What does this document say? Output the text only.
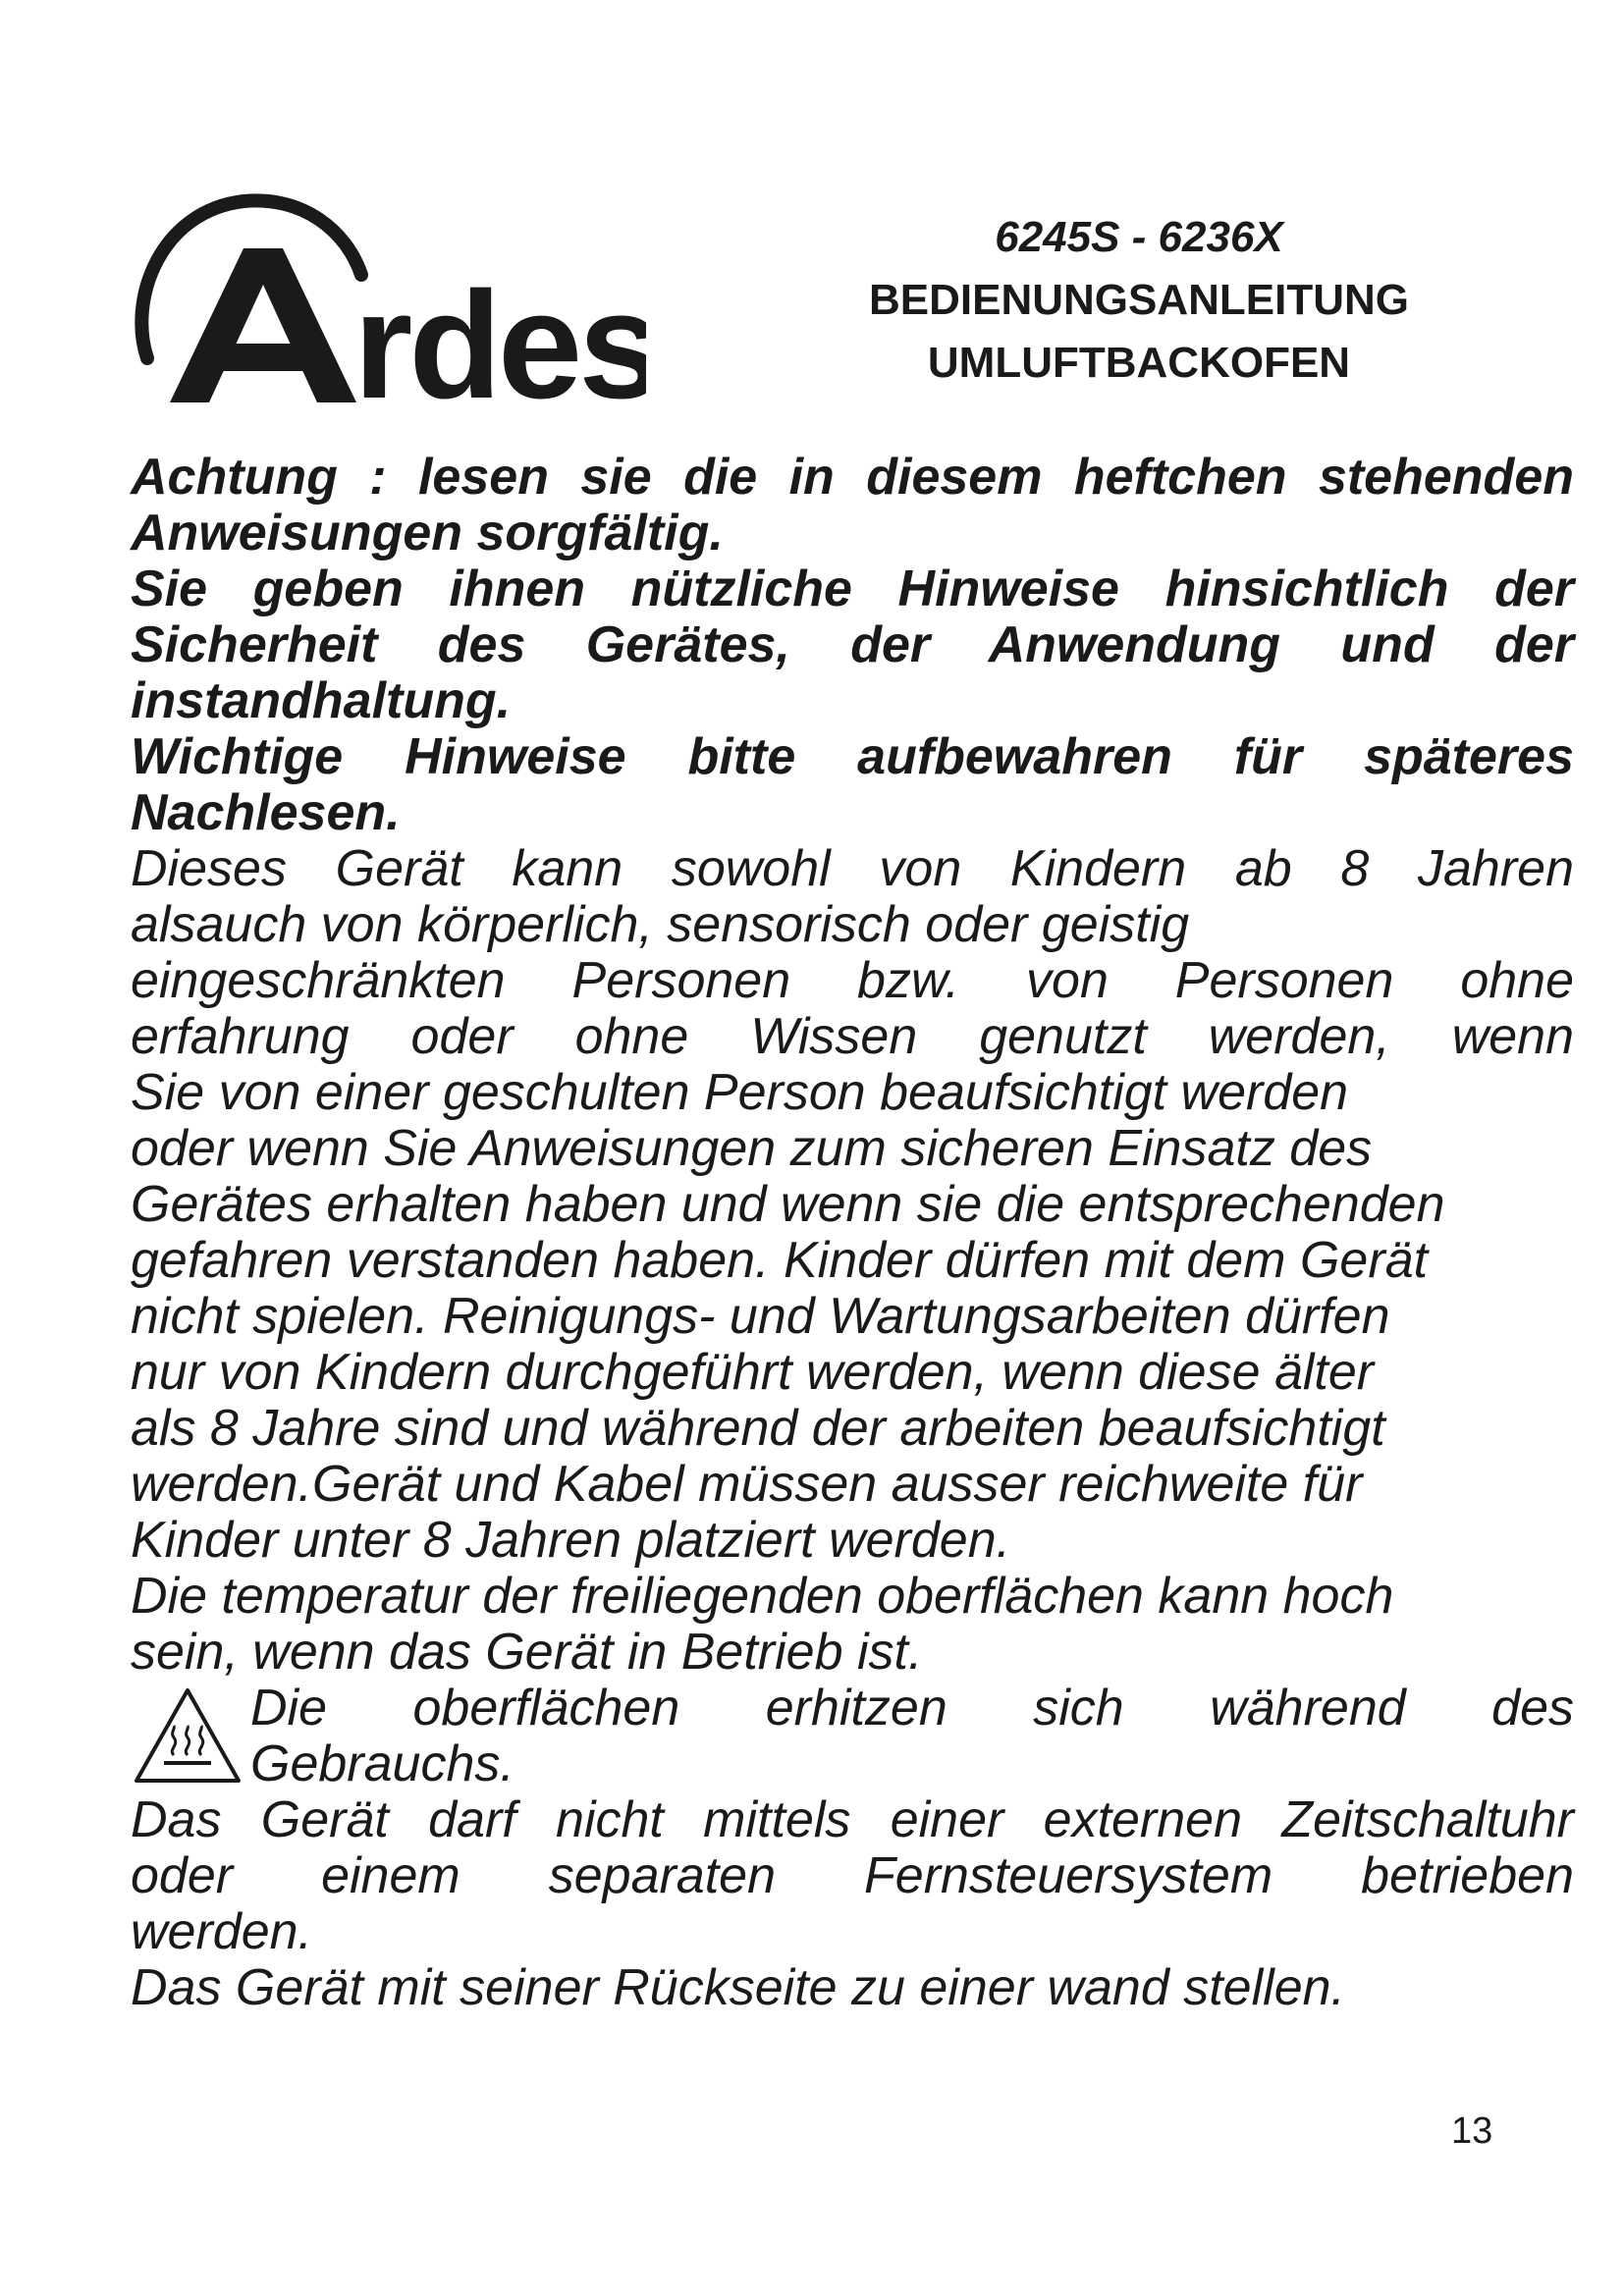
rdes
6245S - 6236X
BEDIENUNGSANLEITUNG
UMLUFTBACKOFEN

Achtung : lesen sie die in diesem heftchen stehenden

Anweisungen sorgfältig.

Sie geben ihnen nützliche Hinweise hinsichtlich der

Sicherheit des Gerätes, der Anwendung und der

instandhaltung.

Wichtige Hinweise bitte aufbewahren für späteres

Nachlesen.

Dieses Gerät kann sowohl von Kindern ab 8 Jahren

alsauch von körperlich, sensorisch oder geistig

eingeschränkten Personen bzw. von Personen ohne

erfahrung oder ohne Wissen genutzt werden, wenn

Sie von einer geschulten Person beaufsichtigt werden

oder wenn Sie Anweisungen zum sicheren Einsatz des

Gerätes erhalten haben und wenn sie die entsprechenden

gefahren verstanden haben. Kinder dürfen mit dem Gerät

nicht spielen. Reinigungs- und Wartungsarbeiten dürfen

nur von Kindern durchgeführt werden, wenn diese älter

als 8 Jahre sind und während der arbeiten beaufsichtigt

werden.Gerät und Kabel müssen ausser reichweite für

Kinder unter 8 Jahren platziert werden.

Die temperatur der freiliegenden oberflächen kann hoch

sein, wenn das Gerät in Betrieb ist.

Die oberflächen erhitzen sich während des

Gebrauchs.

Das Gerät darf nicht mittels einer externen Zeitschaltuhr

oder einem separaten Fernsteuersystem betrieben

werden.

Das Gerät mit seiner Rückseite zu einer wand stellen.

13
